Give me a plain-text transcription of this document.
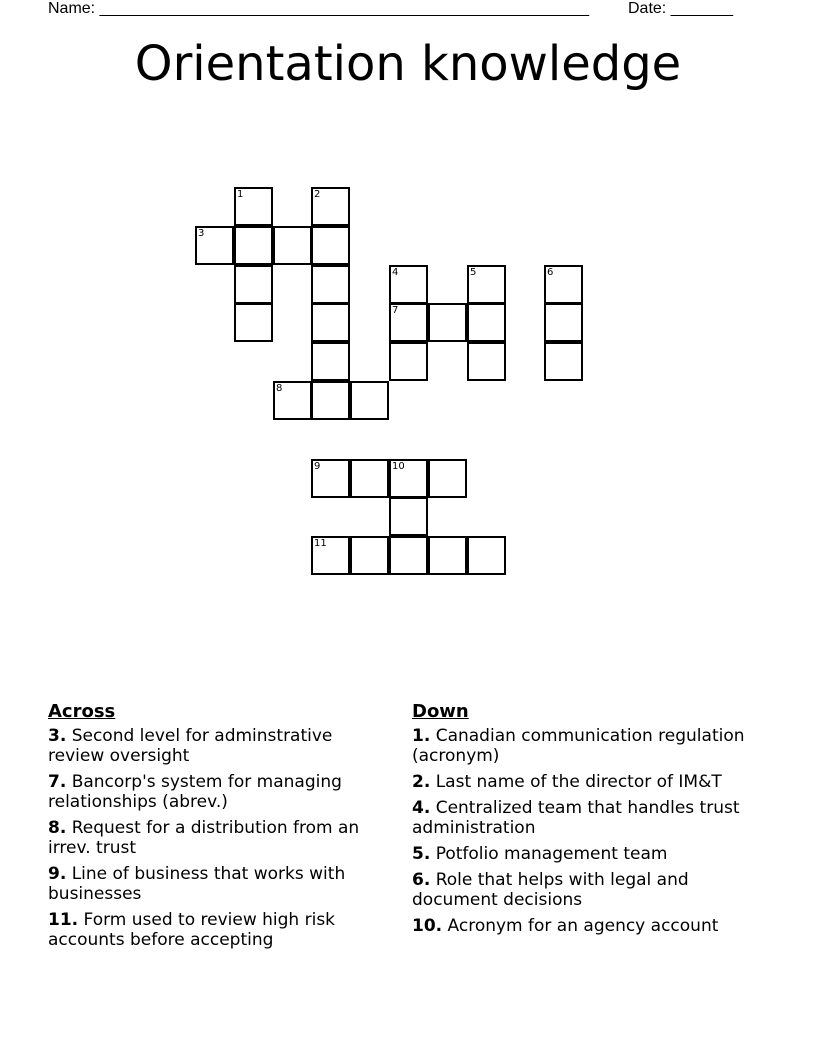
Name: _______________________________________________________ Date: _______
Orientation knowledge
1	2
3
4	5	6
7
8
9	10
11
Across
3. Second level for adminstrative review oversight
7. Bancorp's system for managing relationships (abrev.)
8. Request for a distribution from an irrev. trust
9. Line of business that works with businesses
11. Form used to review high risk accounts before accepting
Down
1. Canadian communication regulation (acronym)
2. Last name of the director of IM&T
4. Centralized team that handles trust administration
5. Potfolio management team
6. Role that helps with legal and document decisions
10. Acronym for an agency account
